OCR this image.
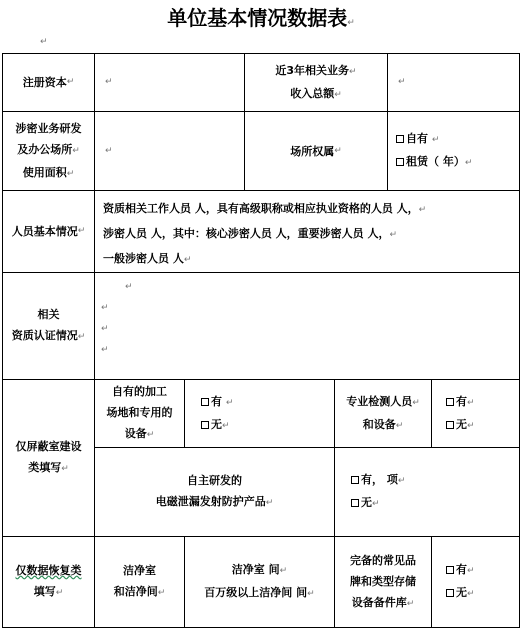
单位基本情况数据表↵
↵
注册资本 ↵	↵
近3年相关业务↵
收入总额↵
↵
涉密业务研发
及办公场所↵
使用面积↵
↵	场所权属 ↵
自有 ↵
租赁（ 年）↵
人员基本情况 ↵
资质相关工作人员 人，具有高级职称或相应执业资格的人员 人，↵
涉密人员 人，其中：核心涉密人员 人，重要涉密人员 人，↵
一般涉密人员 人↵
相关
资质认证情况↵
↵
↵
↵
↵
仅屏蔽室建设
类填写↵
自有的加工
场地和专用的
设备↵
有 ↵
无↵
专业检测人员↵
和设备↵
有↵
无↵
自主研发的
电磁泄漏发射防护产品↵
有， 项↵
无↵
仅数据恢复类
填写↵
洁净室
和洁净间↵
洁净室 间↵
百万级以上洁净间 间↵
完备的常见品
牌和类型存储
设备备件库↵
有↵
无↵
